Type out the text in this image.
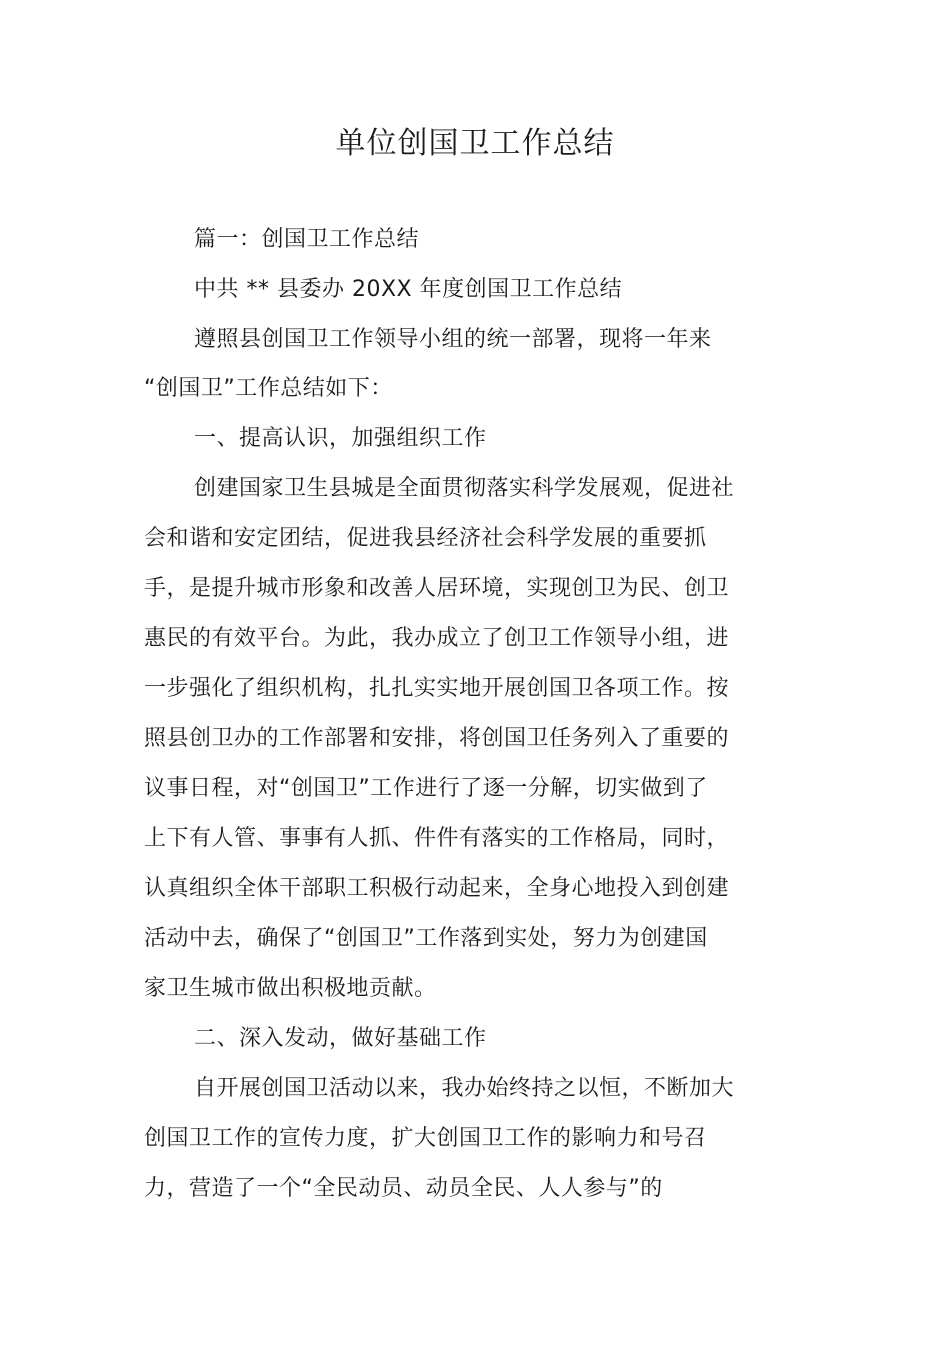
单位创国卫工作总结
篇一：创国卫工作总结
中共 ** 县委办 20XX 年度创国卫工作总结
遵照县创国卫工作领导小组的统一部署，现将一年来
“创国卫”工作总结如下：
一、提高认识，加强组织工作
创建国家卫生县城是全面贯彻落实科学发展观，促进社
会和谐和安定团结，促进我县经济社会科学发展的重要抓
手，是提升城市形象和改善人居环境，实现创卫为民、创卫
惠民的有效平台。为此，我办成立了创卫工作领导小组，进
一步强化了组织机构，扎扎实实地开展创国卫各项工作。按
照县创卫办的工作部署和安排，将创国卫任务列入了重要的
议事日程，对“创国卫”工作进行了逐一分解，切实做到了
上下有人管、事事有人抓、件件有落实的工作格局，同时，
认真组织全体干部职工积极行动起来，全身心地投入到创建
活动中去，确保了“创国卫”工作落到实处，努力为创建国
家卫生城市做出积极地贡献。
二、深入发动，做好基础工作
自开展创国卫活动以来，我办始终持之以恒，不断加大
创国卫工作的宣传力度，扩大创国卫工作的影响力和号召
力，营造了一个“全民动员、动员全民、人人参与”的
